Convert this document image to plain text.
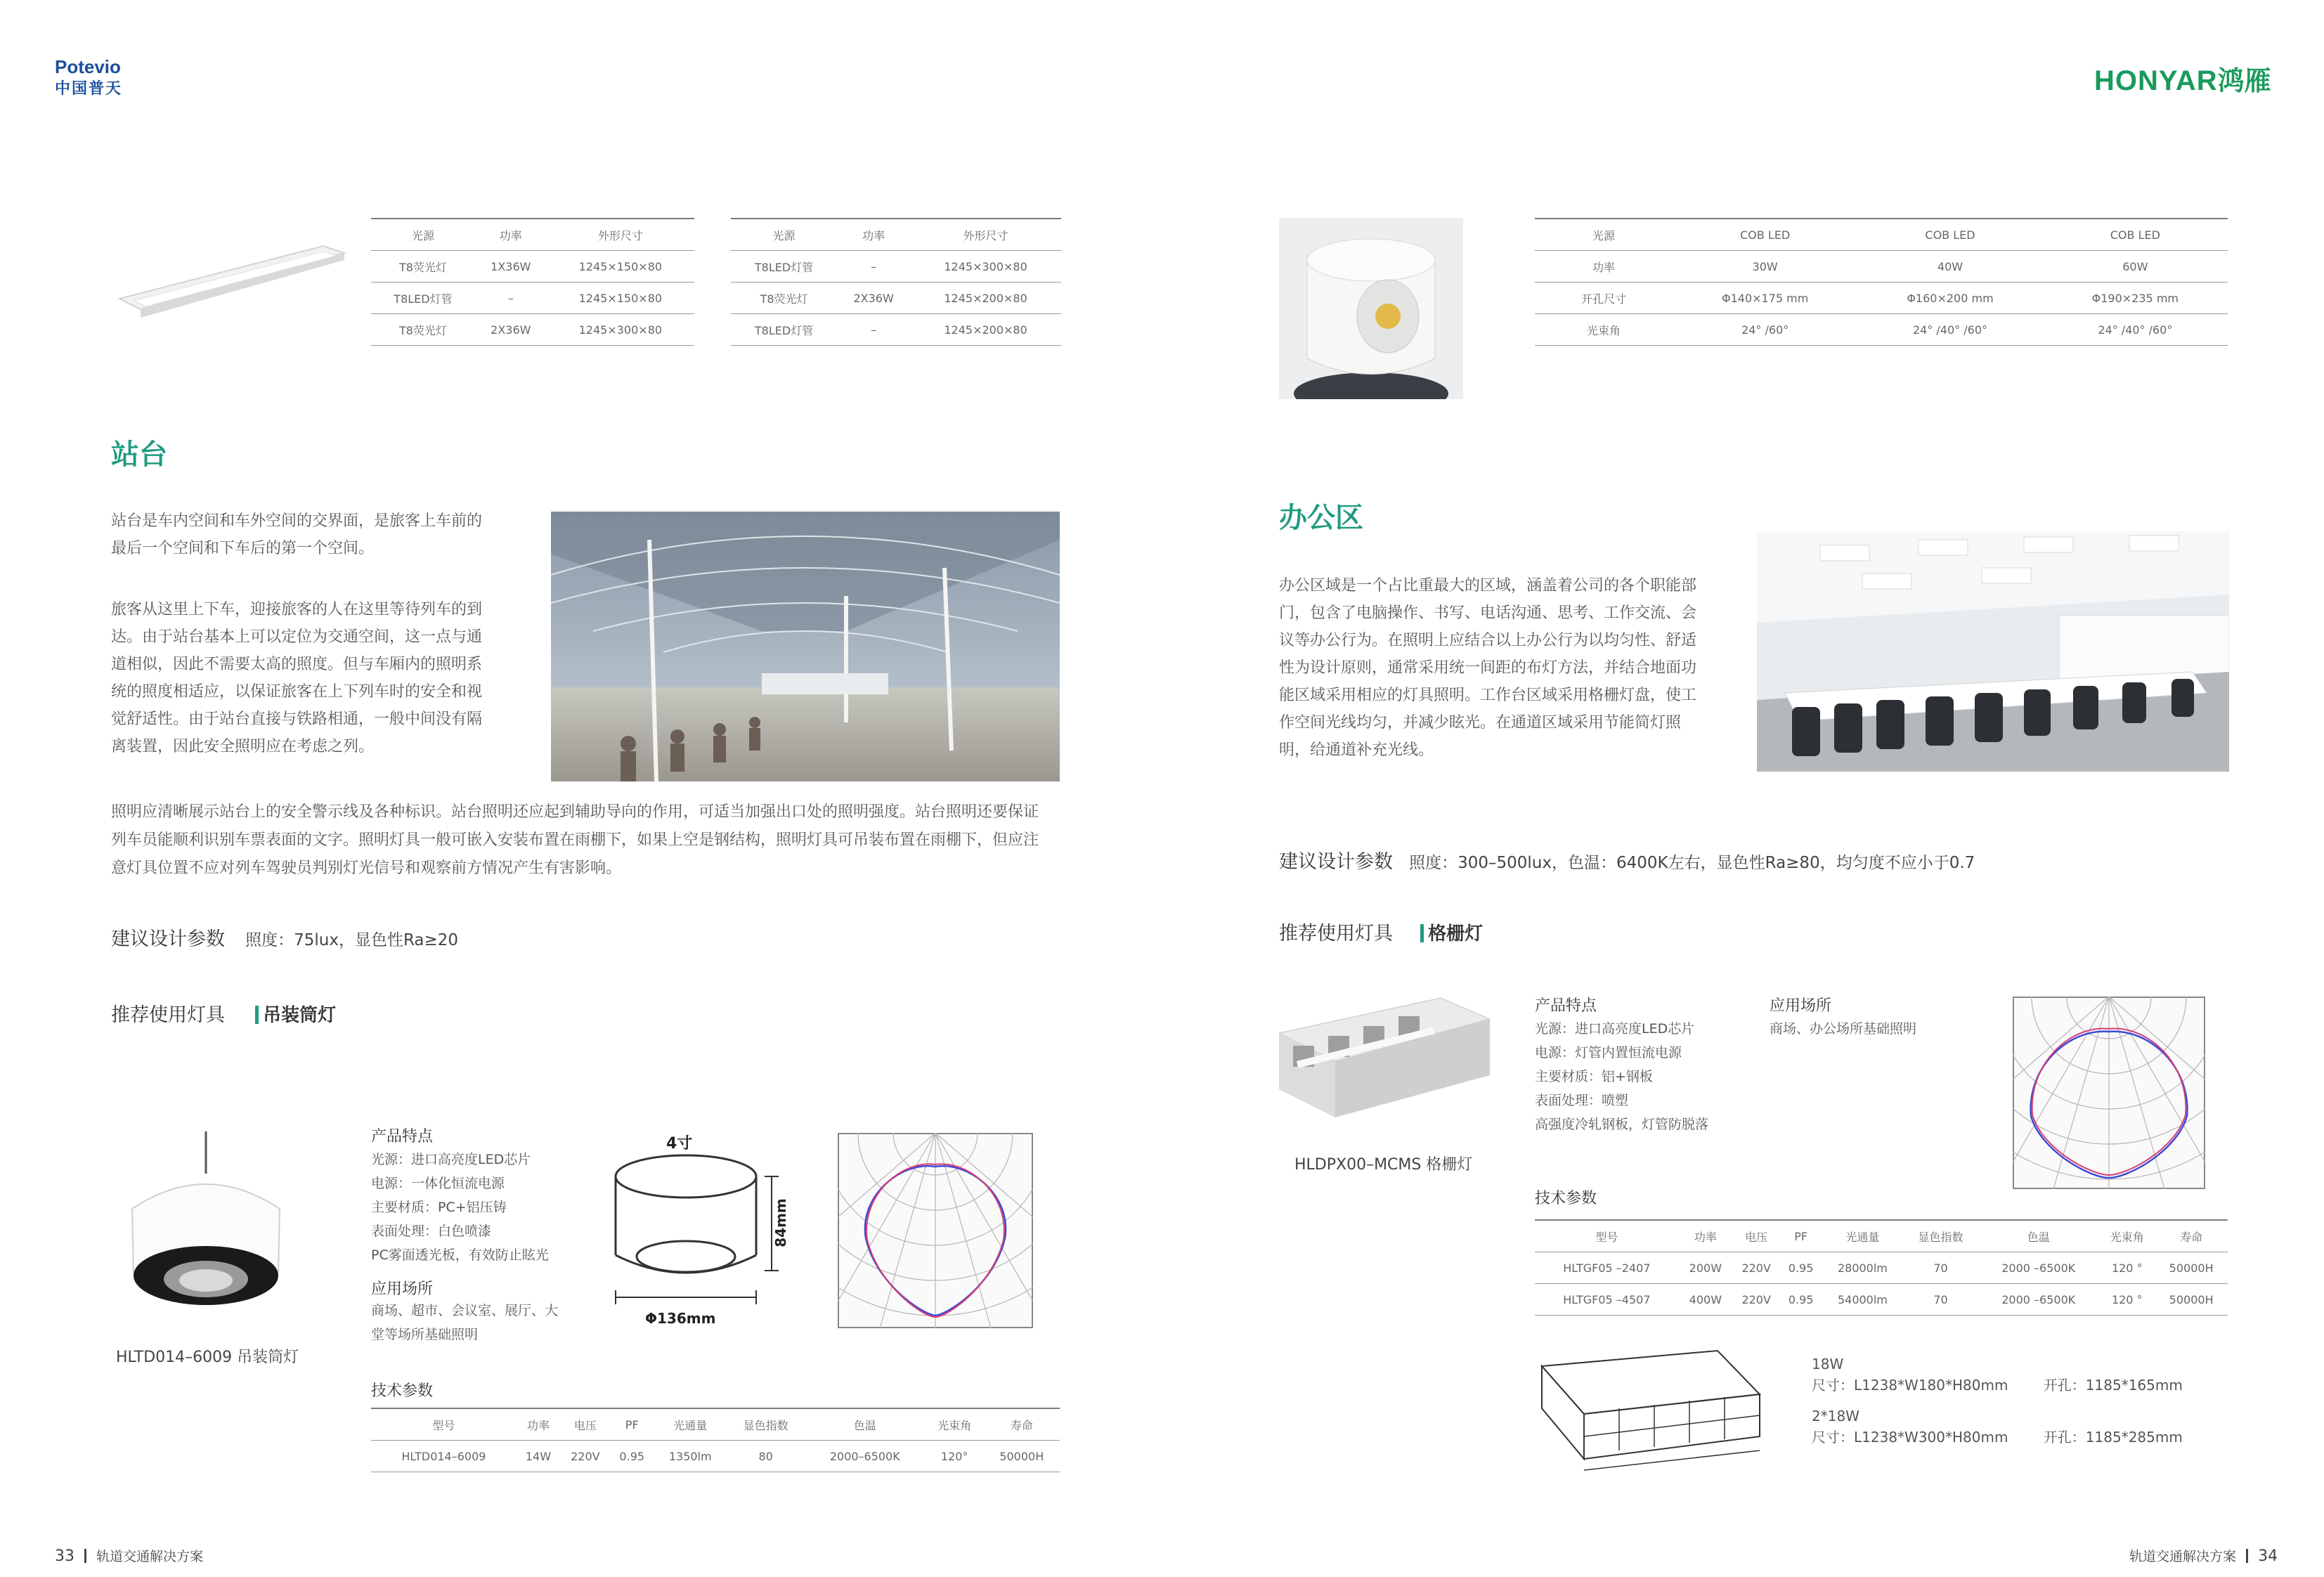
Potevio
中国普天	HONYAR鸿雁
光源	功率	外形尺寸
T8荧光灯	1X36W	1245×150×80
T8LED灯管	–	1245×150×80
T8荧光灯	2X36W	1245×300×80
光源	功率	外形尺寸
T8LED灯管	–	1245×300×80
T8荧光灯	2X36W	1245×200×80
T8LED灯管	–	1245×200×80
站台
站台是车内空间和车外空间的交界面，是旅客上车前的
最后一个空间和下车后的第一个空间。
旅客从这里上下车，迎接旅客的人在这里等待列车的到
达。由于站台基本上可以定位为交通空间，这一点与通
道相似，因此不需要太高的照度。但与车厢内的照明系
统的照度相适应，以保证旅客在上下列车时的安全和视
觉舒适性。由于站台直接与铁路相通，一般中间没有隔
离装置，因此安全照明应在考虑之列。
照明应清晰展示站台上的安全警示线及各种标识。站台照明还应起到辅助导向的作用，可适当加强出口处的照明强度。站台照明还要保证
列车员能顺利识别车票表面的文字。照明灯具一般可嵌入安装布置在雨棚下，如果上空是钢结构，照明灯具可吊装布置在雨棚下，但应注
意灯具位置不应对列车驾驶员判别灯光信号和观察前方情况产生有害影响。
建议设计参数 照度：75lux，显色性Ra≥20
推荐使用灯具 吊装筒灯
HLTD014–6009 吊装筒灯
产品特点
光源：进口高亮度LED芯片
电源：一体化恒流电源
主要材质：PC+铝压铸
表面处理：白色喷漆
PC雾面透光板，有效防止眩光
应用场所
商场、超市、会议室、展厅、大
堂等场所基础照明
4寸
84mm
Φ136mm
技术参数
型号	功率	电压	PF	光通量	显色指数	色温	光束角	寿命
HLTD014–6009	14W	220V	0.95	1350lm	80	2000–6500K	120°	50000H
33 轨道交通解决方案
光源	COB LED	COB LED	COB LED
功率	30W	40W	60W
开孔尺寸	Φ140×175 mm	Φ160×200 mm	Φ190×235 mm
光束角	24° /60°	24° /40° /60°	24° /40° /60°
办公区
办公区域是一个占比重最大的区域，涵盖着公司的各个职能部
门，包含了电脑操作、书写、电话沟通、思考、工作交流、会
议等办公行为。在照明上应结合以上办公行为以均匀性、舒适
性为设计原则，通常采用统一间距的布灯方法，并结合地面功
能区域采用相应的灯具照明。工作台区域采用格栅灯盘，使工
作空间光线均匀，并减少眩光。在通道区域采用节能简灯照
明，给通道补充光线。
建议设计参数 照度：300–500lux，色温：6400K左右，显色性Ra≥80，均匀度不应小于0.7
推荐使用灯具 格栅灯
HLDPX00–MCMS 格栅灯
产品特点
光源：进口高亮度LED芯片
电源：灯管内置恒流电源
主要材质：铝+钢板
表面处理：喷塑
高强度冷轧钢板，灯管防脱落
应用场所
商场、办公场所基础照明
技术参数
型号	功率	电压	PF	光通量	显色指数	色温	光束角	寿命
HLTGF05 –2407	200W	220V	0.95	28000lm	70	2000 –6500K	120 °	50000H
HLTGF05 –4507	400W	220V	0.95	54000lm	70	2000 –6500K	120 °	50000H
18W
尺寸：L1238*W180*H80mm	开孔：1185*165mm
2*18W
尺寸：L1238*W300*H80mm	开孔：1185*285mm
轨道交通解决方案 34
